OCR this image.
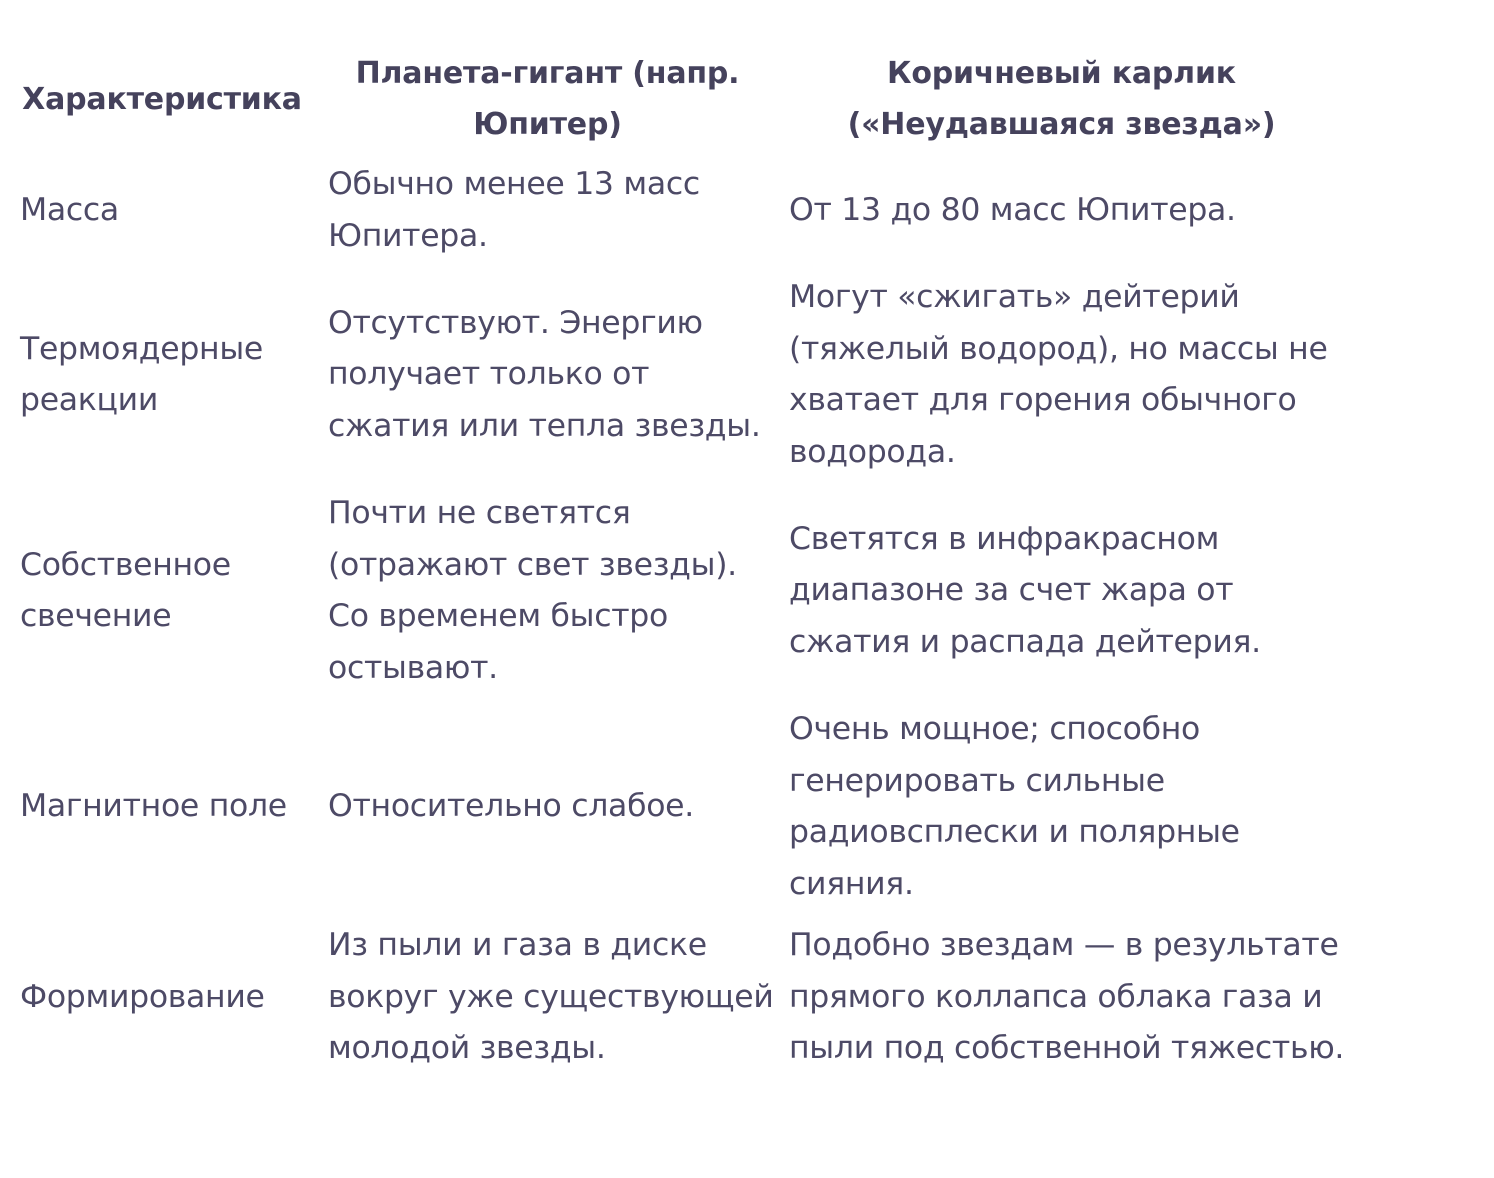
Характеристика	Планета-гигант (напр. Юпитер)	Коричневый карлик («Неудавшаяся звезда»)
Масса	Обычно менее 13 масс Юпитера.	От 13 до 80 масс Юпитера.
Термоядерные реакции	Отсутствуют. Энергию получает только от сжатия или тепла звезды.	Могут «сжигать» дейтерий (тяжелый водород), но массы не хватает для горения обычного водорода.
Собственное свечение	Почти не светятся (отражают свет звезды). Со временем быстро остывают.	Светятся в инфракрасном диапазоне за счет жара от сжатия и распада дейтерия.
Магнитное поле	Относительно слабое.	Очень мощное; способно генерировать сильные радиовсплески и полярные сияния.
Формирование	Из пыли и газа в диске вокруг уже существующей молодой звезды.	Подобно звездам — в результате прямого коллапса облака газа и пыли под собственной тяжестью.
